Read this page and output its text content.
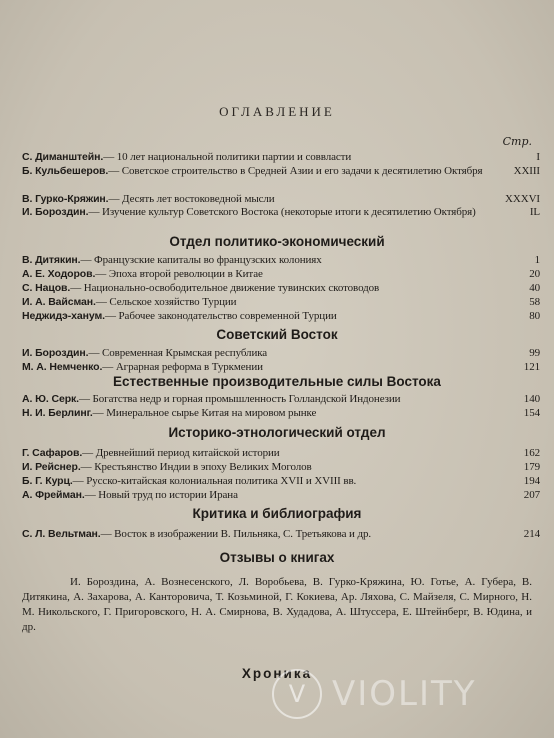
ОГЛАВЛЕНИЕ
Стр.
С. Диманштейн.— 10 лет национальной политики партии и соввласти	I
Б. Кульбешеров.— Советское строительство в Средней Азии и его задачи к десятилетию Октября	XXIII
В. Гурко-Кряжин.— Десять лет востоковедной мысли	XXXVI
И. Бороздин.— Изучение культур Советского Востока (некоторые итоги к десятилетию Октября)	IL
Отдел политико-экономический
В. Дитякин.— Французские капиталы во французских колониях	1
А. Е. Ходоров.— Эпоха второй революции в Китае	20
С. Нацов.— Национально-освободительное движение тувинских скотоводов	40
И. А. Вайсман.— Сельское хозяйство Турции	58
Неджидэ-ханум.— Рабочее законодательство современной Турции	80
Советский Восток
И. Бороздин.— Современная Крымская республика	99
М. А. Немченко.— Аграрная реформа в Туркмении	121
Естественные производительные силы Востока
А. Ю. Серк.— Богатства недр и горная промышленность Голландской Индонезии	140
Н. И. Берлинг.— Минеральное сырье Китая на мировом рынке	154
Историко-этнологический отдел
Г. Сафаров.— Древнейший период китайской истории	162
И. Рейснер.— Крестьянство Индии в эпоху Великих Моголов	179
Б. Г. Курц.— Русско-китайская колониальная политика XVII и XVIII вв.	194
А. Фрейман.— Новый труд по истории Ирана	207
Критика и библиография
С. Л. Вельтман.— Восток в изображении В. Пильняка, С. Третьякова и др.	214
Отзывы о книгах
И. Бороздина, А. Вознесенского, Л. Воробьева, В. Гурко-Кряжина, Ю. Готье, А. Губера, В. Дитякина, А. Захарова, А. Канторовича, Т. Козьминой, Г. Кокиева, Ар. Ляхова, С. Майзеля, С. Мирного, Н. М. Никольского, Г. Пригоровского, Н. А. Смирнова, В. Худадова, А. Штуссера, Е. Штейнберг, В. Юдина, и др.
Хроника
V VIOLITY
